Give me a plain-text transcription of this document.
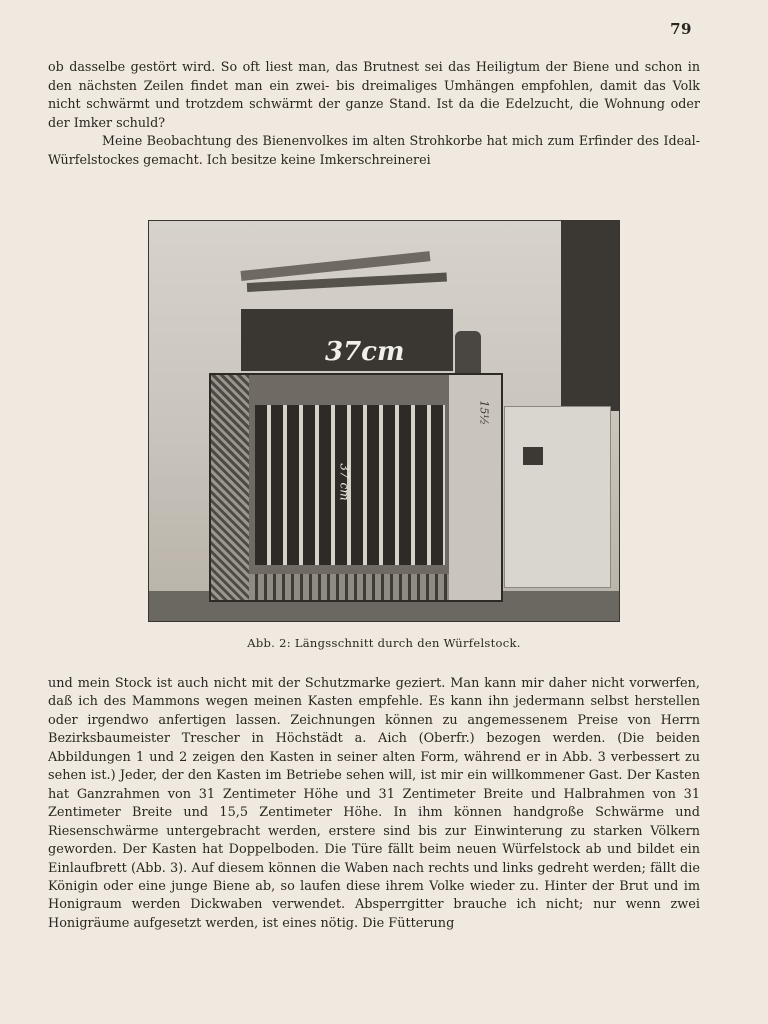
79

ob dasselbe gestört wird. So oft liest man, das Brutnest sei das Heiligtum der Biene und schon in den nächsten Zeilen findet man ein zwei- bis dreimaliges Umhängen empfohlen, damit das Volk nicht schwärmt und trotzdem schwärmt der ganze Stand. Ist da die Edelzucht, die Wohnung oder der Imker schuld?

Meine Beobachtung des Bienenvolkes im alten Strohkorbe hat mich zum Erfinder des Ideal-Würfelstockes gemacht. Ich besitze keine Imkerschreinerei

37cm
37 cm
15½
Abb. 2: Längsschnitt durch den Würfelstock.

und mein Stock ist auch nicht mit der Schutzmarke geziert. Man kann mir daher nicht vorwerfen, daß ich des Mammons wegen meinen Kasten empfehle. Es kann ihn jedermann selbst herstellen oder irgendwo anfertigen lassen. Zeichnungen können zu angemessenem Preise von Herrn Bezirksbaumeister Trescher in Höchstädt a. Aich (Oberfr.) bezogen werden. (Die beiden Abbildungen 1 und 2 zeigen den Kasten in seiner alten Form, während er in Abb. 3 verbessert zu sehen ist.) Jeder, der den Kasten im Betriebe sehen will, ist mir ein willkommener Gast. Der Kasten hat Ganzrahmen von 31 Zentimeter Höhe und 31 Zentimeter Breite und Halbrahmen von 31 Zentimeter Breite und 15,5 Zentimeter Höhe. In ihm können handgroße Schwärme und Riesenschwärme untergebracht werden, erstere sind bis zur Einwinterung zu starken Völkern geworden. Der Kasten hat Doppelboden. Die Türe fällt beim neuen Würfelstock ab und bildet ein Einlaufbrett (Abb. 3). Auf diesem können die Waben nach rechts und links gedreht werden; fällt die Königin oder eine junge Biene ab, so laufen diese ihrem Volke wieder zu. Hinter der Brut und im Honigraum werden Dickwaben verwendet. Absperrgitter brauche ich nicht; nur wenn zwei Honigräume aufgesetzt werden, ist eines nötig. Die Fütterung
